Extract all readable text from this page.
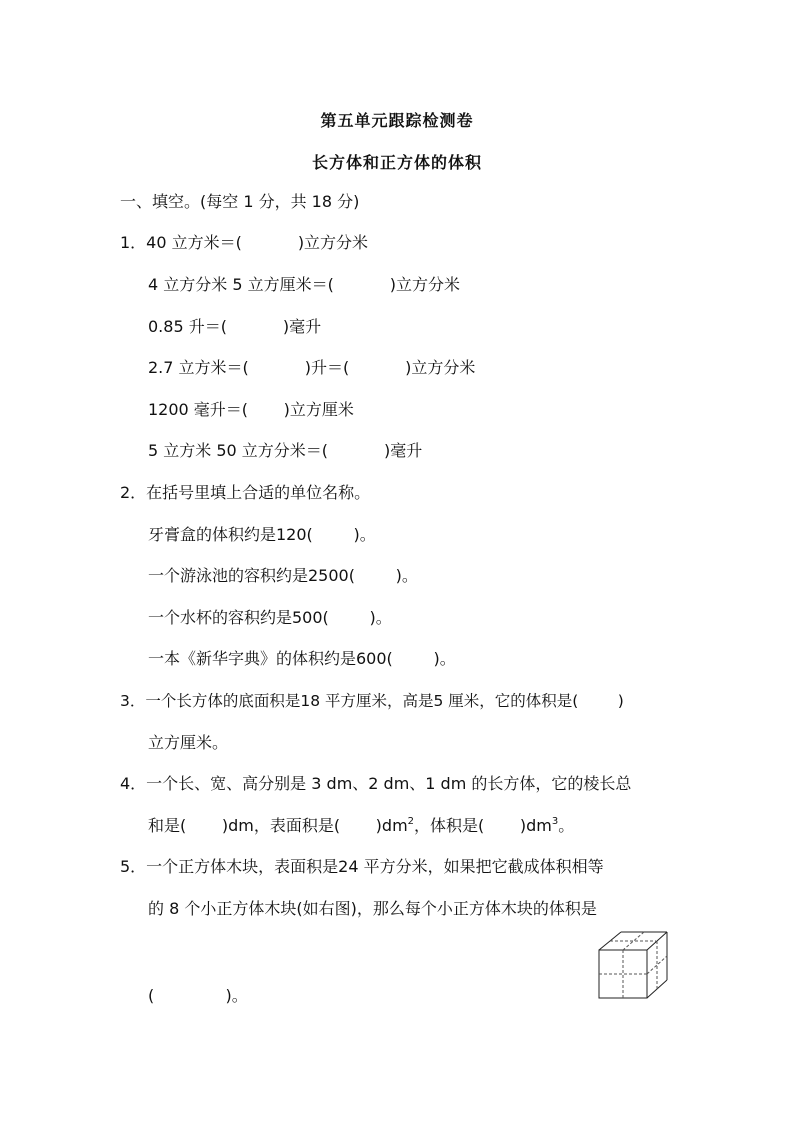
第五单元跟踪检测卷
长方体和正方体的体积
一、填空。(每空 1 分，共 18 分)
1．40 立方米＝(           )立方分米
4 立方分米 5 立方厘米＝(           )立方分米
0.85 升＝(           )毫升
2.7 立方米＝(           )升＝(           )立方分米
1200 毫升＝(       )立方厘米
5 立方米 50 立方分米＝(           )毫升
2．在括号里填上合适的单位名称。
牙膏盒的体积约是120(        )。
一个游泳池的容积约是2500(        )。
一个水杯的容积约是500(        )。
一本《新华字典》的体积约是600(        )。
3．一个长方体的底面积是18 平方厘米，高是5 厘米，它的体积是(        )
立方厘米。
4．一个长、宽、高分别是 3 dm、2 dm、1 dm 的长方体，它的棱长总
和是(       )dm，表面积是(       )$dm^2$，体积是(       )$dm^3$。
5．一个正方体木块，表面积是24 平方分米，如果把它截成体积相等
的 8 个小正方体木块(如右图)，那么每个小正方体木块的体积是
(              )。
